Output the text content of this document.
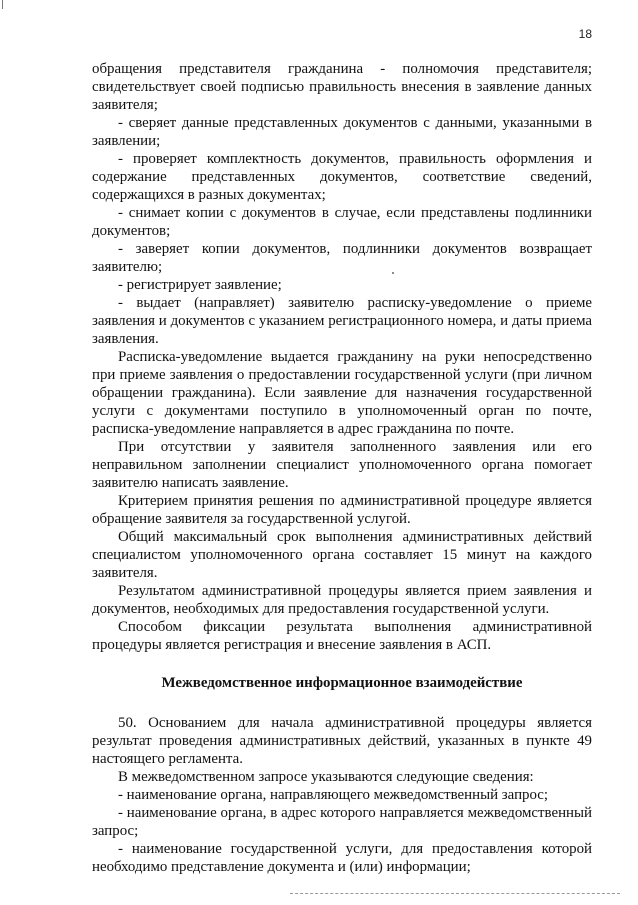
18

обращения представителя гражданина - полномочия представителя; свидетельствует своей подписью правильность внесения в заявление данных заявителя;

- сверяет данные представленных документов с данными, указанными в заявлении;

- проверяет комплектность документов, правильность оформления и содержание представленных документов, соответствие сведений, содержащихся в разных документах;

- снимает копии с документов в случае, если представлены подлинники документов;

- заверяет копии документов, подлинники документов возвращает заявителю;

- регистрирует заявление;

- выдает (направляет) заявителю расписку-уведомление о приеме заявления и документов с указанием регистрационного номера, и даты приема заявления.

Расписка-уведомление выдается гражданину на руки непосредственно при приеме заявления о предоставлении государственной услуги (при личном обращении гражданина). Если заявление для назначения государственной услуги с документами поступило в уполномоченный орган по почте, расписка-уведомление направляется в адрес гражданина по почте.

При отсутствии у заявителя заполненного заявления или его неправильном заполнении специалист уполномоченного органа помогает заявителю написать заявление.

Критерием принятия решения по административной процедуре является обращение заявителя за государственной услугой.

Общий максимальный срок выполнения административных действий специалистом уполномоченного органа составляет 15 минут на каждого заявителя.

Результатом административной процедуры является прием заявления и документов, необходимых для предоставления государственной услуги.

Способом фиксации результата выполнения административной процедуры является регистрация и внесение заявления в АСП.

Межведомственное информационное взаимодействие

50. Основанием для начала административной процедуры является результат проведения административных действий, указанных в пункте 49 настоящего регламента.

В межведомственном запросе указываются следующие сведения:

- наименование органа, направляющего межведомственный запрос;

- наименование органа, в адрес которого направляется межведомственный запрос;

- наименование государственной услуги, для предоставления которой необходимо представление документа и (или) информации;
